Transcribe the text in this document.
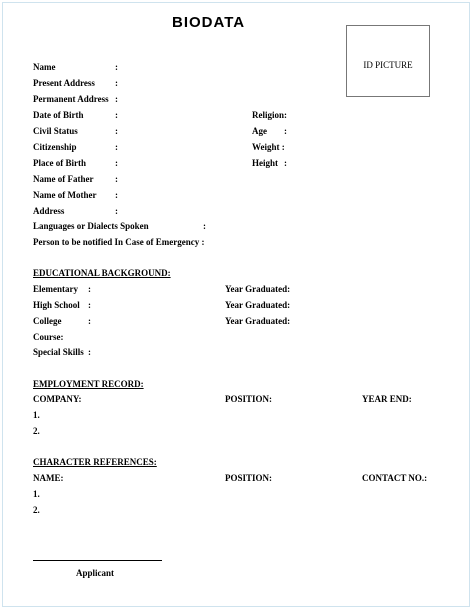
BIODATA
ID PICTURE
Name	:
Present Address :
Permanent Address :
Date of Birth	:	Religion:
Civil Status	:	Age :
Citizenship	:	Weight :
Place of Birth	:	Height :
Name of Father :
Name of Mother :
Address	:
Languages or Dialects Spoken	:
Person to be notified In Case of Emergency :
EDUCATIONAL BACKGROUND:
Elementary :	Year Graduated:
High School :	Year Graduated:
College	:	Year Graduated:
Course:
Special Skills :
EMPLOYMENT RECORD:
COMPANY:	POSITION:	YEAR END:
1.
2.
CHARACTER REFERENCES:
NAME:	POSITION:	CONTACT NO.:
1.
2.
Applicant
